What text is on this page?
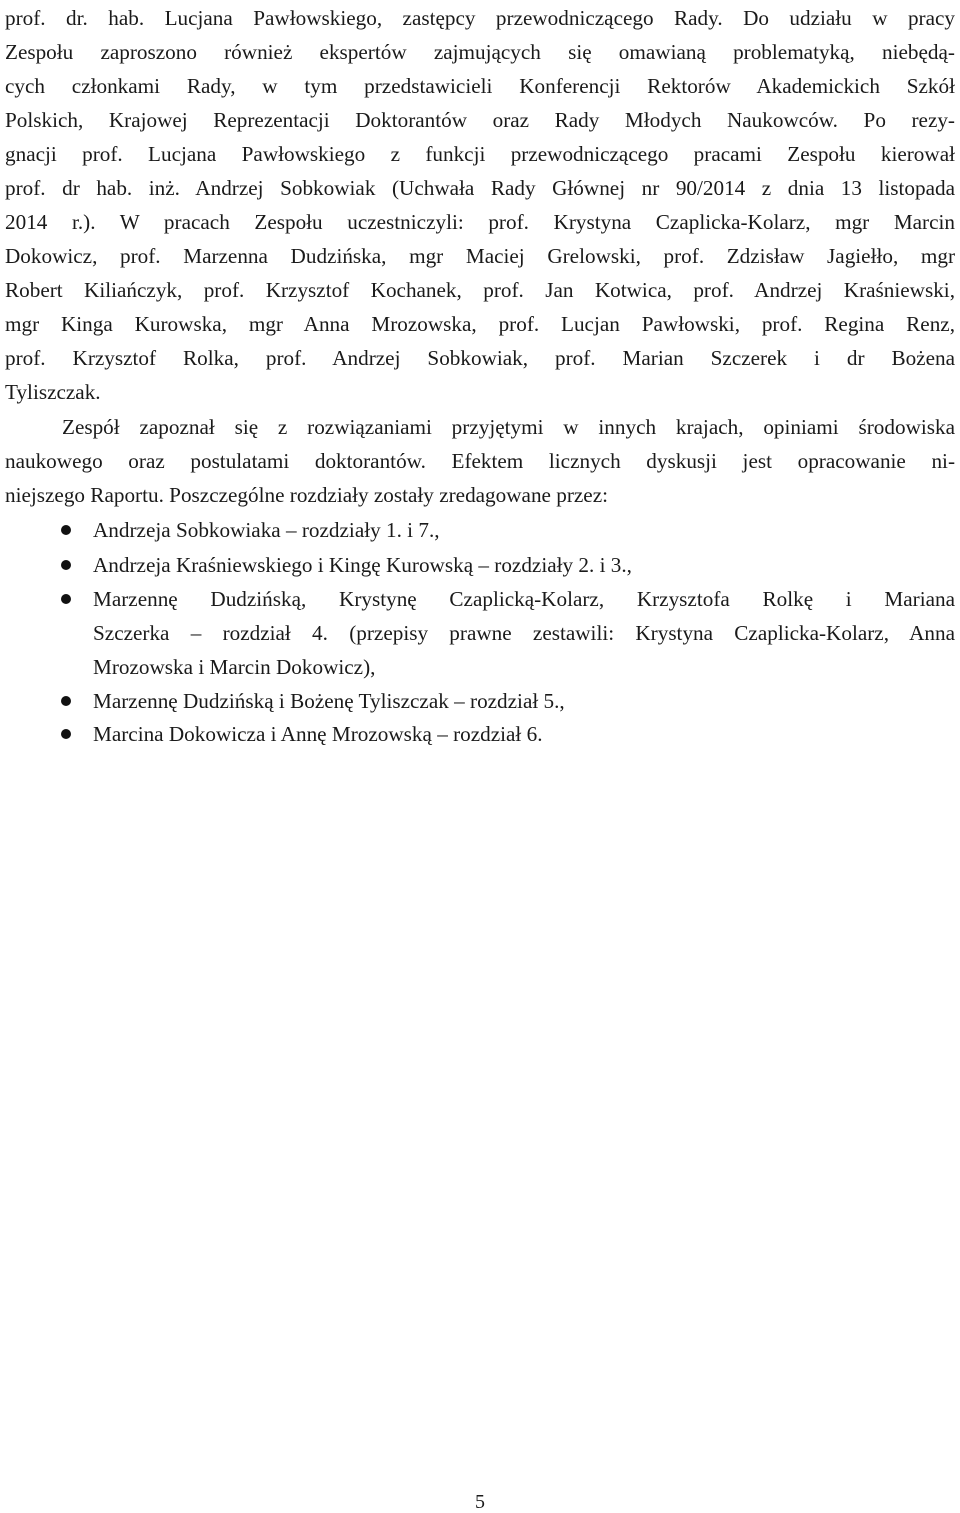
prof. dr. hab. Lucjana Pawłowskiego, zastępcy przewodniczącego Rady. Do udziału w pracy
Zespołu zaproszono również ekspertów zajmujących się omawianą problematyką, niebędą-
cych członkami Rady, w tym przedstawicieli Konferencji Rektorów Akademickich Szkół
Polskich, Krajowej Reprezentacji Doktorantów oraz Rady Młodych Naukowców. Po rezy-
gnacji prof. Lucjana Pawłowskiego z funkcji przewodniczącego pracami Zespołu kierował
prof. dr hab. inż. Andrzej Sobkowiak (Uchwała Rady Głównej nr 90/2014 z dnia 13 listopada
2014 r.). W pracach Zespołu uczestniczyli: prof. Krystyna Czaplicka-Kolarz, mgr Marcin
Dokowicz, prof. Marzenna Dudzińska, mgr Maciej Grelowski, prof. Zdzisław Jagiełło, mgr
Robert Kiliańczyk, prof. Krzysztof Kochanek, prof. Jan Kotwica, prof. Andrzej Kraśniewski,
mgr Kinga Kurowska, mgr Anna Mrozowska, prof. Lucjan Pawłowski, prof. Regina Renz,
prof. Krzysztof Rolka, prof. Andrzej Sobkowiak, prof. Marian Szczerek i dr Bożena
Tyliszczak.
Zespół zapoznał się z rozwiązaniami przyjętymi w innych krajach, opiniami środowiska
naukowego oraz postulatami doktorantów. Efektem licznych dyskusji jest opracowanie ni-
niejszego Raportu. Poszczególne rozdziały zostały zredagowane przez:
Andrzeja Sobkowiaka – rozdziały 1. i 7.,
Andrzeja Kraśniewskiego i Kingę Kurowską – rozdziały 2. i 3.,
Marzennę Dudzińską, Krystynę Czaplicką-Kolarz, Krzysztofa Rolkę i Mariana
Szczerka – rozdział 4. (przepisy prawne zestawili: Krystyna Czaplicka-Kolarz, Anna
Mrozowska i Marcin Dokowicz),
Marzennę Dudzińską i Bożenę Tyliszczak – rozdział 5.,
Marcina Dokowicza i Annę Mrozowską – rozdział 6.
5
